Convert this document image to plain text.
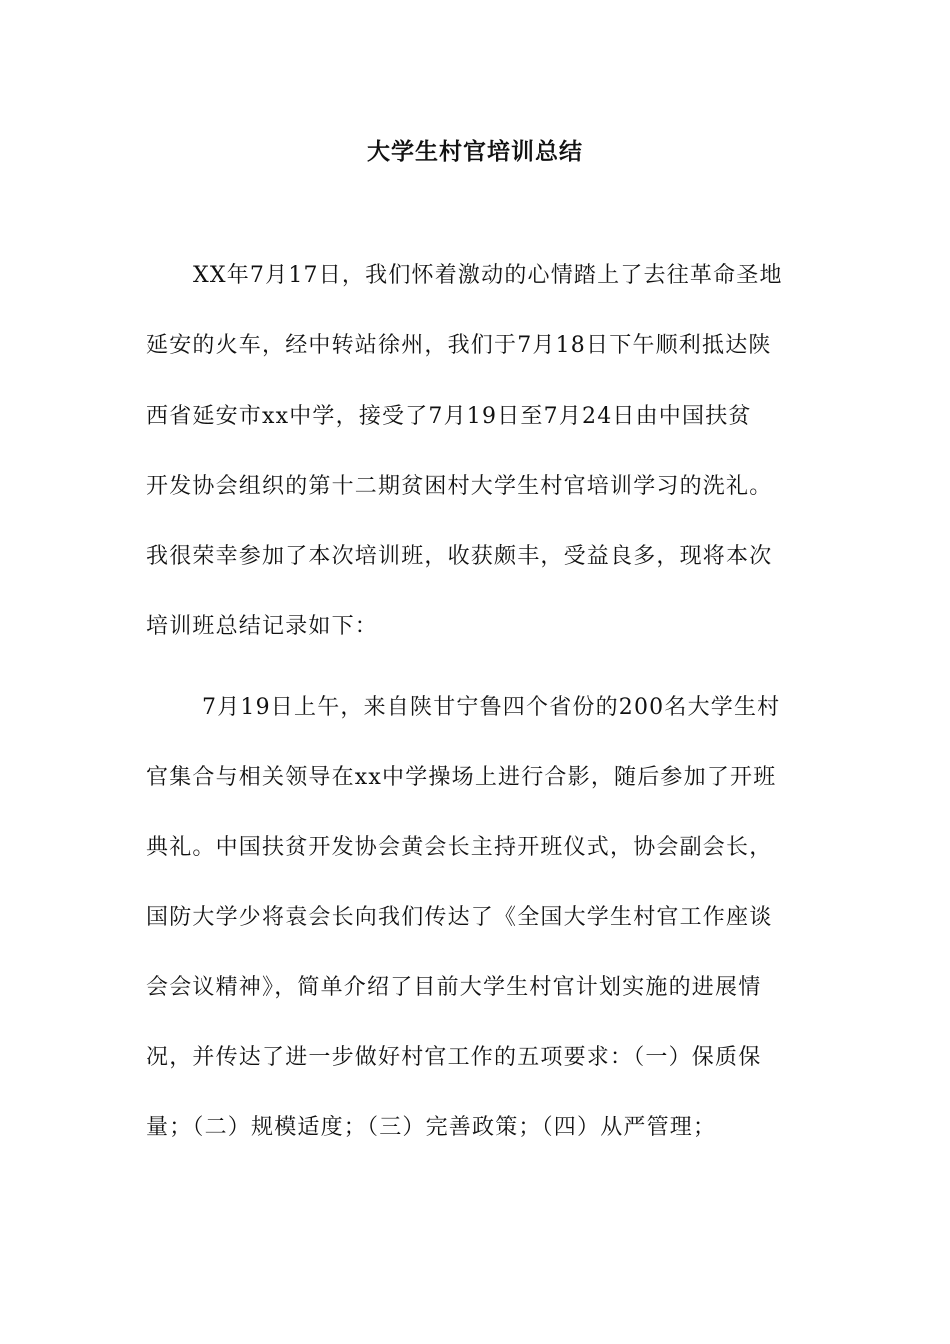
大学生村官培训总结
XX年7月17日，我们怀着激动的心情踏上了去往革命圣地
延安的火车，经中转站徐州，我们于7月18日下午顺利抵达陕
西省延安市xx中学，接受了7月19日至7月24日由中国扶贫
开发协会组织的第十二期贫困村大学生村官培训学习的洗礼。
我很荣幸参加了本次培训班，收获颇丰，受益良多，现将本次
培训班总结记录如下：
7月19日上午，来自陕甘宁鲁四个省份的200名大学生村
官集合与相关领导在xx中学操场上进行合影，随后参加了开班
典礼。中国扶贫开发协会黄会长主持开班仪式，协会副会长，
国防大学少将袁会长向我们传达了《全国大学生村官工作座谈
会会议精神》，简单介绍了目前大学生村官计划实施的进展情
况，并传达了进一步做好村官工作的五项要求：（一）保质保
量；（二）规模适度；（三）完善政策；（四）从严管理；
